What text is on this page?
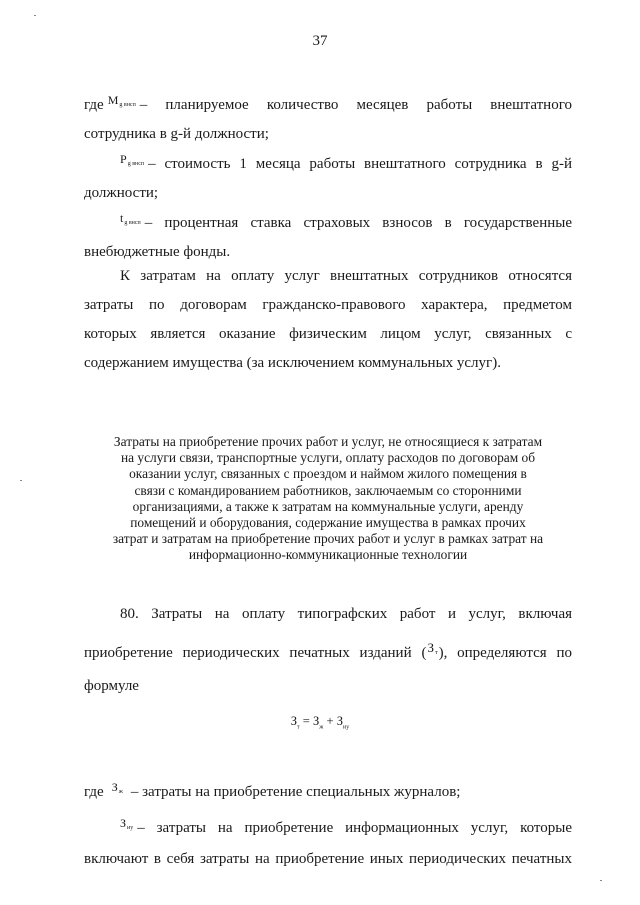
37
где $M_{g внсп}$ – планируемое количество месяцев работы внештатного
сотрудника в g-й должности;
$P_{g внсп}$ – стоимость 1 месяца работы внештатного сотрудника в g-й
должности;
$t_{g внсп}$ – процентная ставка страховых взносов в государственные
внебюджетные фонды.
К затратам на оплату услуг внештатных сотрудников относятся
затраты по договорам гражданско-правового характера, предметом
которых является оказание физическим лицом услуг, связанных с
содержанием имущества (за исключением коммунальных услуг).
Затраты на приобретение прочих работ и услуг, не относящиеся к затратам
на услуги связи, транспортные услуги, оплату расходов по договорам об
оказании услуг, связанных с проездом и наймом жилого помещения в
связи с командированием работников, заключаемым со сторонними
организациями, а также к затратам на коммунальные услуги, аренду
помещений и оборудования, содержание имущества в рамках прочих
затрат и затратам на приобретение прочих работ и услуг в рамках затрат на
информационно-коммуникационные технологии
80. Затраты на оплату типографских работ и услуг, включая
приобретение периодических печатных изданий $(З_т)$, определяются по
формуле
$З_т = З_ж + З_{иу}$
где $З_ж$ – затраты на приобретение специальных журналов;
$З_{иу}$ – затраты на приобретение информационных услуг, которые
включают в себя затраты на приобретение иных периодических печатных
